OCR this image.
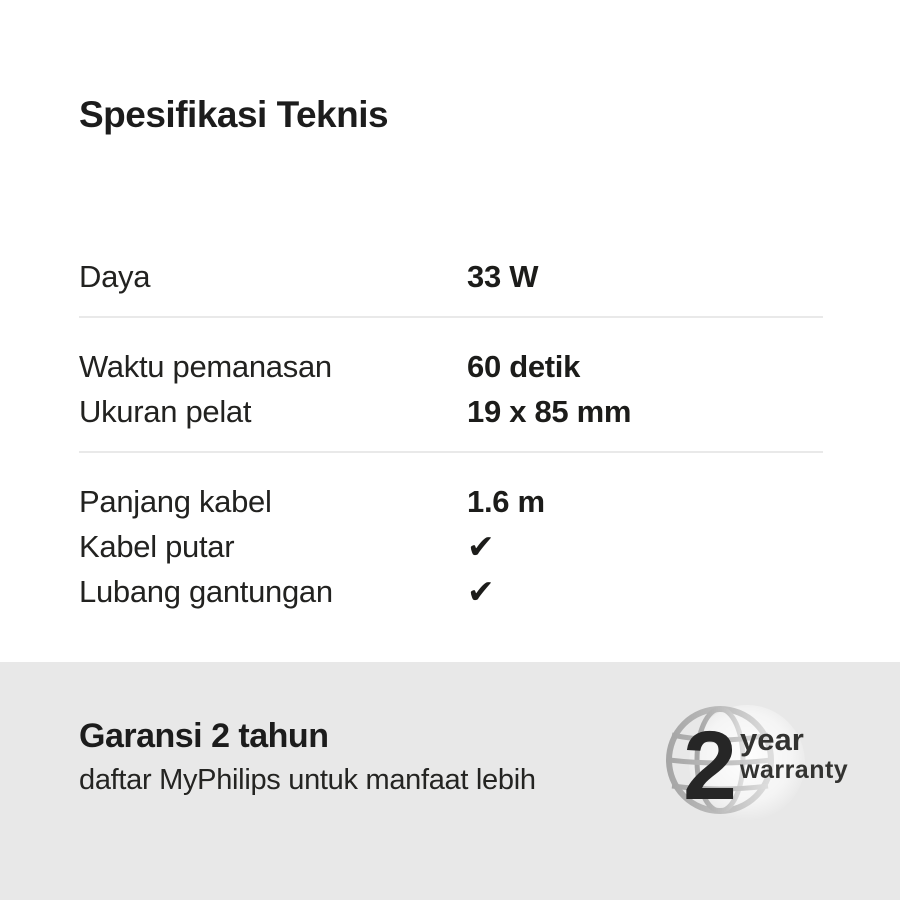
Spesifikasi Teknis
Daya	33 W
Waktu pemanasan	60 detik
Ukuran pelat	19 x 85 mm
Panjang kabel	1.6 m
Kabel putar	✔
Lubang gantungan	✔
Garansi 2 tahun
daftar MyPhilips untuk manfaat lebih	2 year
warranty
